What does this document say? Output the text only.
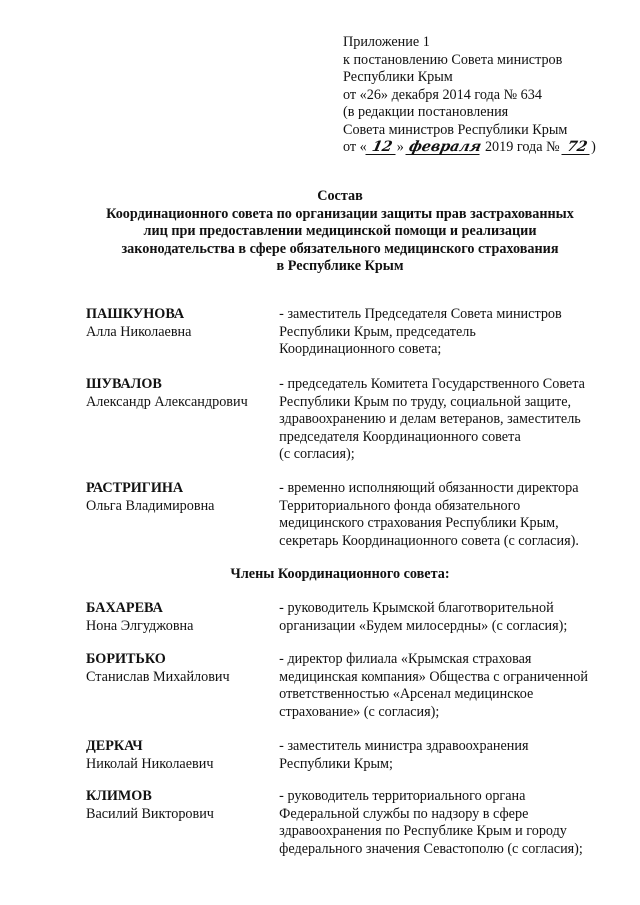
Приложение 1
к постановлению Совета министров
Республики Крым
от «26» декабря 2014 года № 634
(в редакции постановления
Совета министров Республики Крым
от « 12 » февраля 2019 года № 72 )
Состав
Координационного совета по организации защиты прав застрахованных
лиц при предоставлении медицинской помощи и реализации
законодательства в сфере обязательного медицинского страхования
в Республике Крым
ПАШКУНОВА
Алла Николаевна
- заместитель Председателя Совета министров
Республики Крым, председатель
Координационного совета;
ШУВАЛОВ
Александр Александрович
- председатель Комитета Государственного Совета
Республики Крым по труду, социальной защите,
здравоохранению и делам ветеранов, заместитель
председателя Координационного совета
(с согласия);
РАСТРИГИНА
Ольга Владимировна
- временно исполняющий обязанности директора
Территориального фонда обязательного
медицинского страхования Республики Крым,
секретарь Координационного совета (с согласия).
Члены Координационного совета:
БАХАРЕВА
Нона Элгуджовна
- руководитель Крымской благотворительной
организации «Будем милосердны» (с согласия);
БОРИТЬКО
Станислав Михайлович
- директор филиала «Крымская страховая
медицинская компания» Общества с ограниченной
ответственностью «Арсенал медицинское
страхование» (с согласия);
ДЕРКАЧ
Николай Николаевич
- заместитель министра здравоохранения
Республики Крым;
КЛИМОВ
Василий Викторович
- руководитель территориального органа
Федеральной службы по надзору в сфере
здравоохранения по Республике Крым и городу
федерального значения Севастополю (с согласия);
